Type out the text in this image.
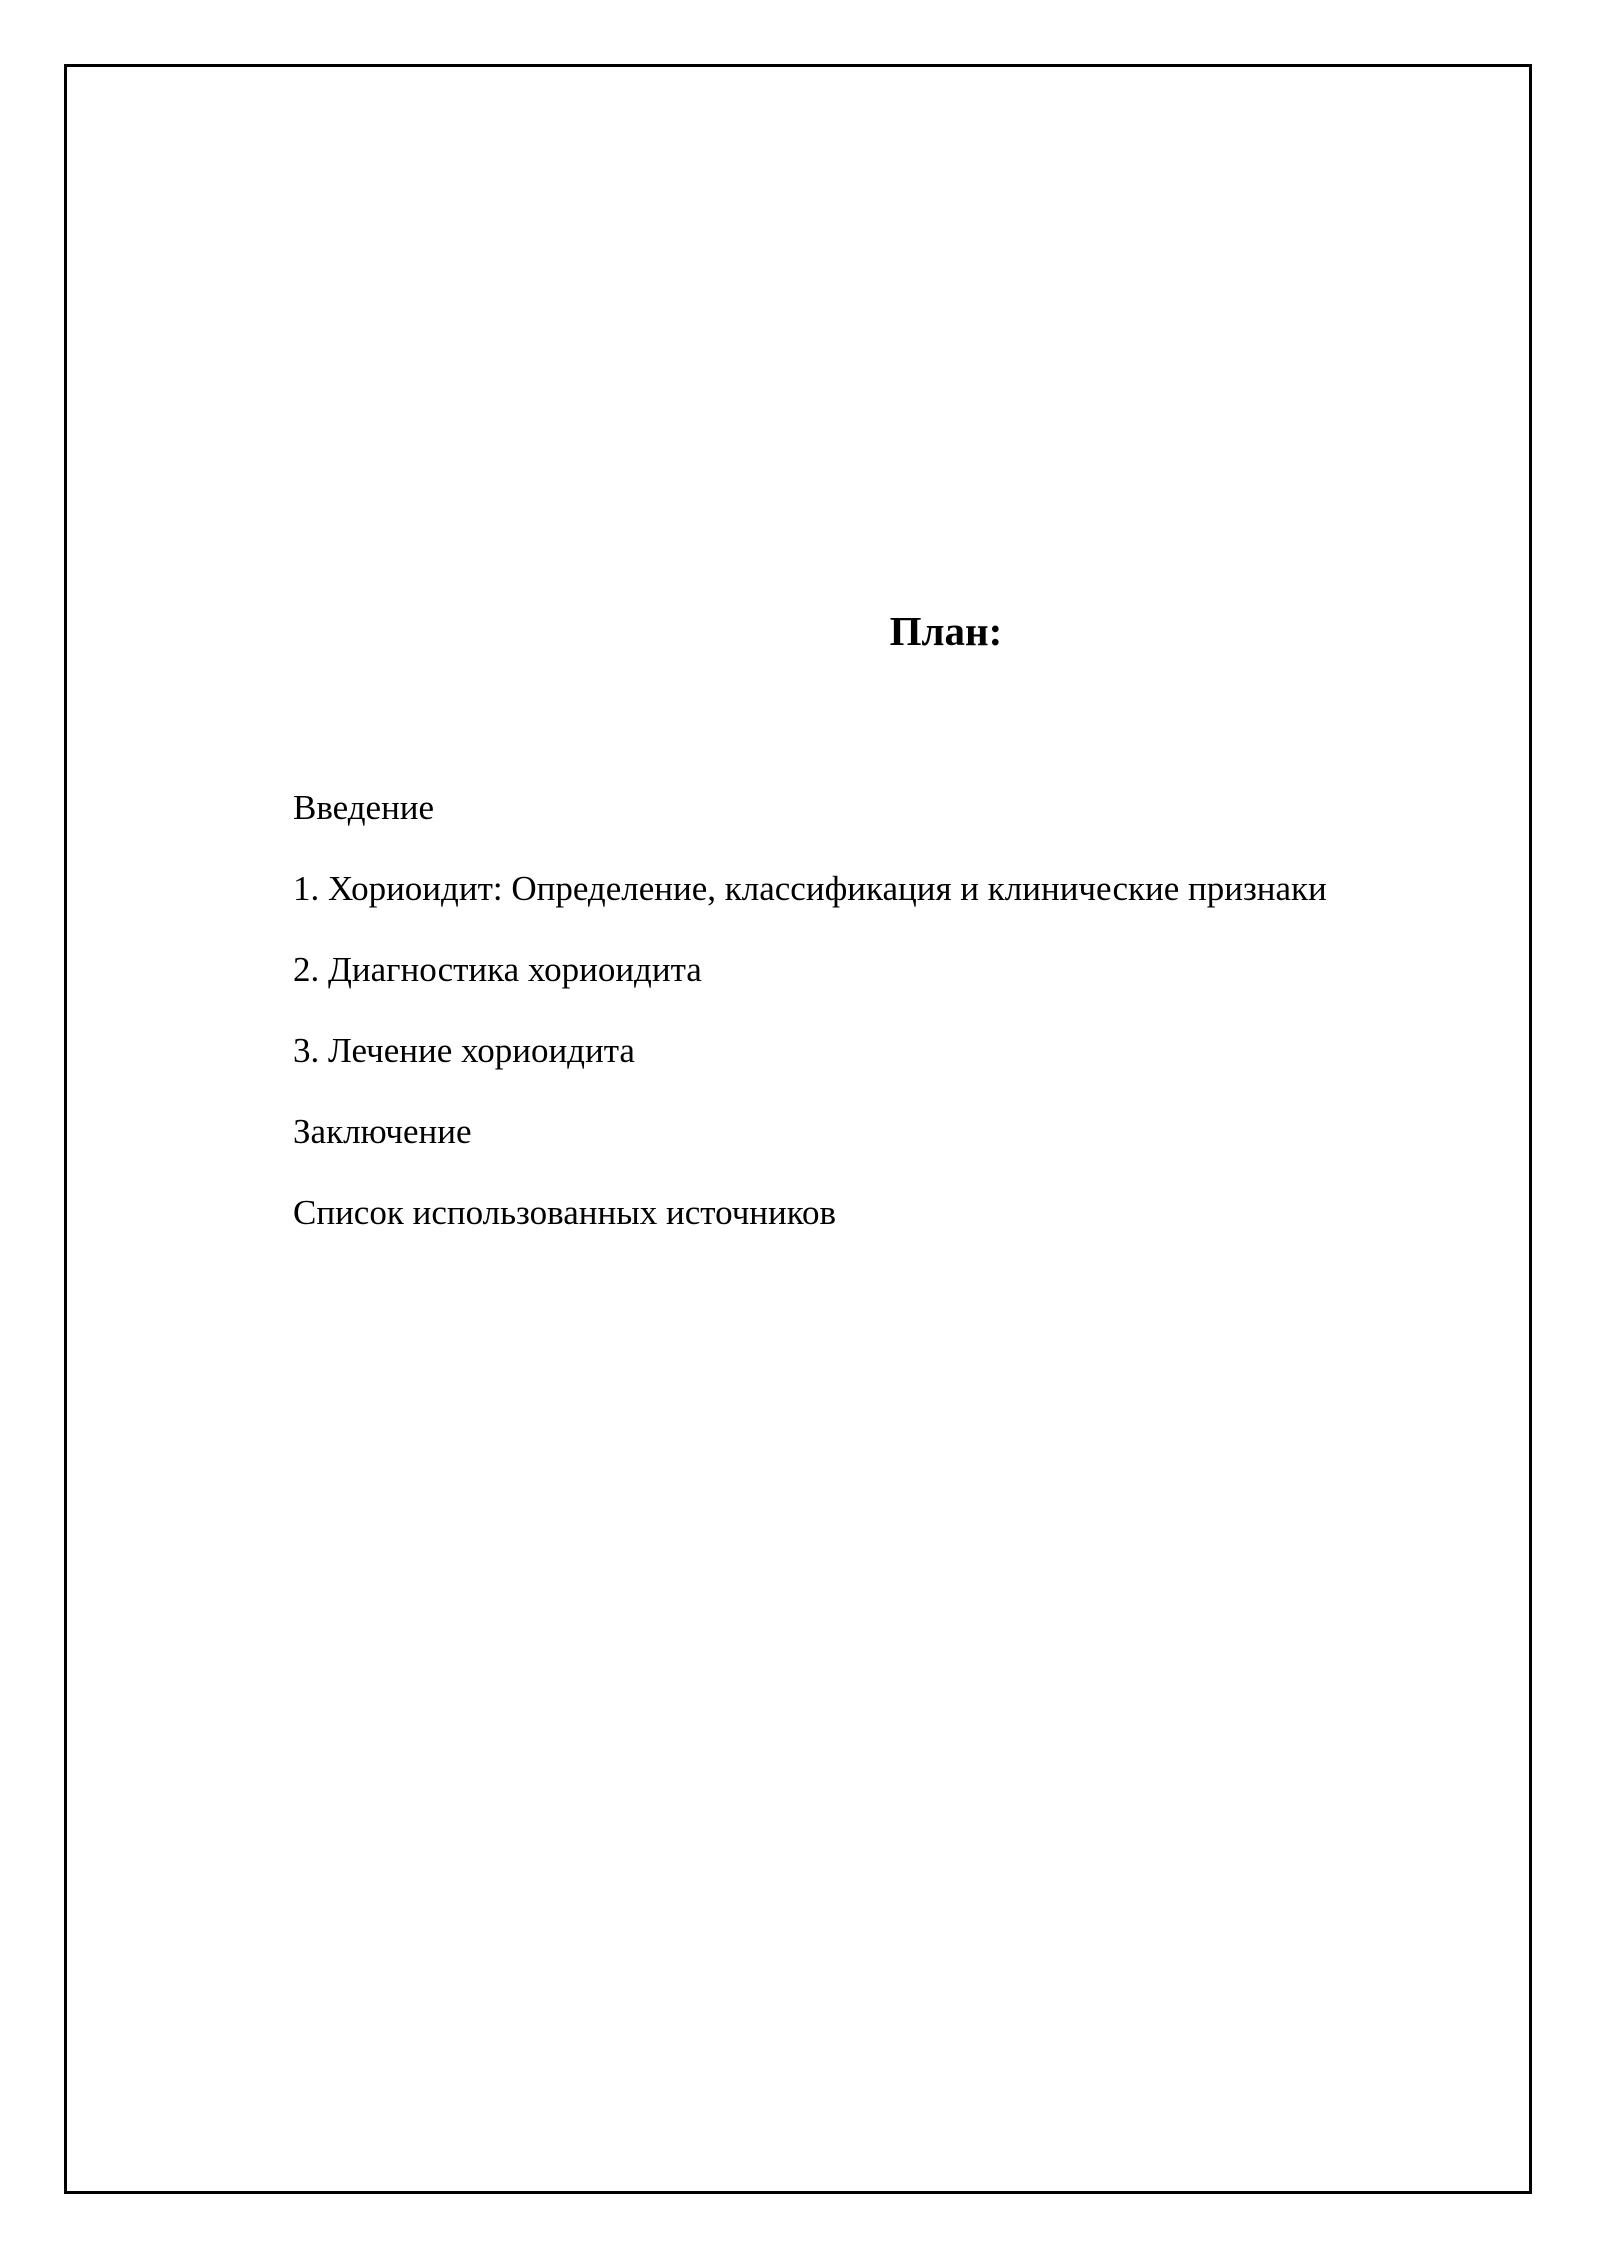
План:
Введение
1. Хориоидит: Определение, классификация и клинические признаки
2. Диагностика хориоидита
3. Лечение хориоидита
Заключение
Список использованных источников
